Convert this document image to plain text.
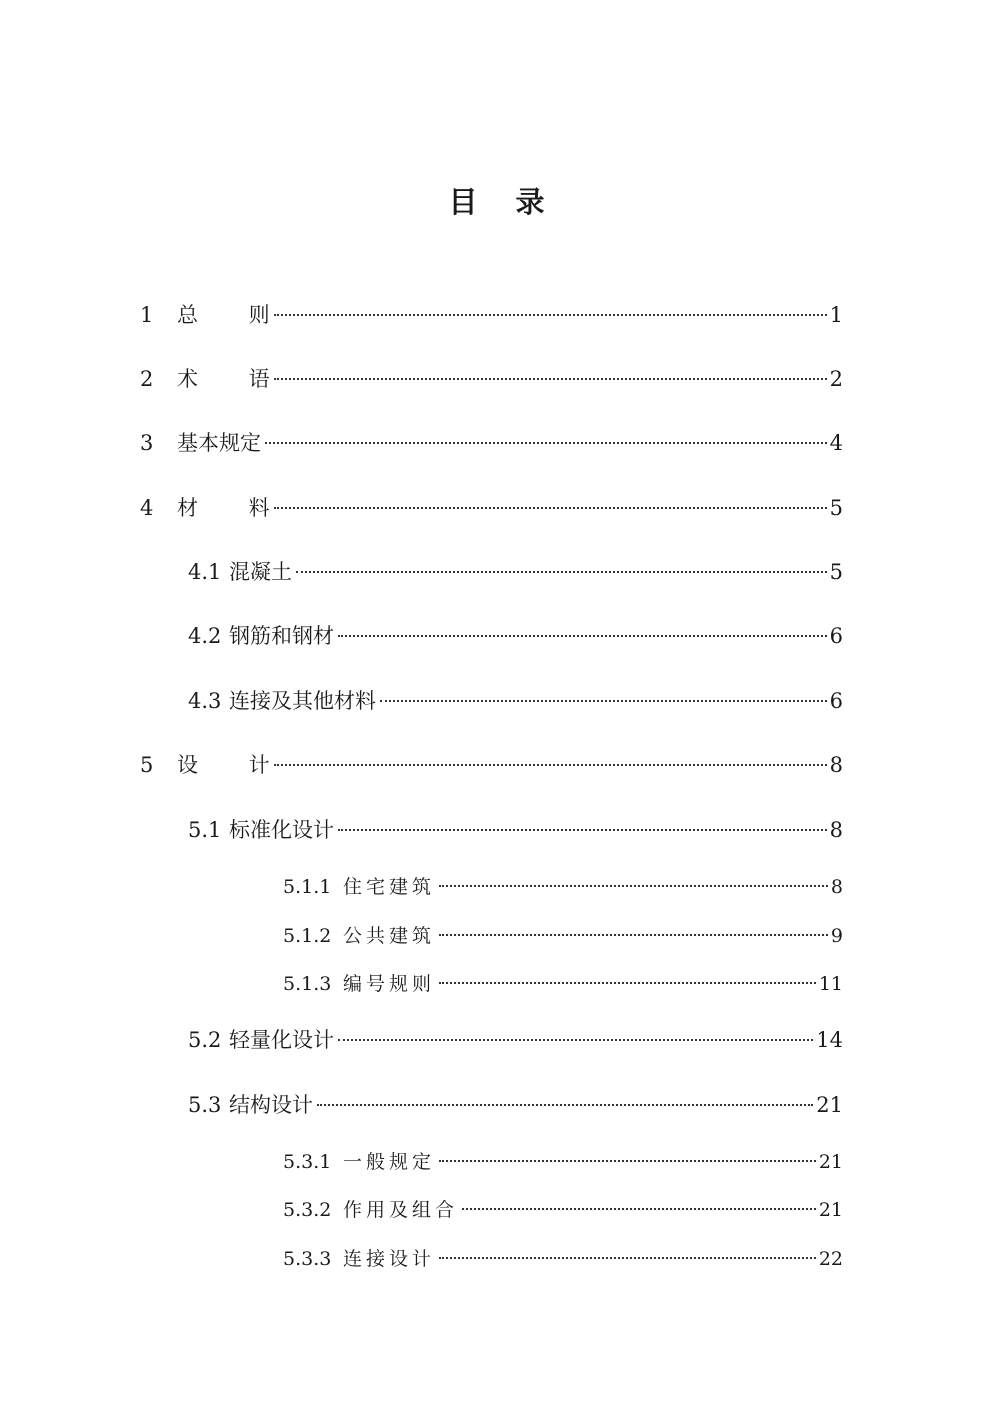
目 录
1	总 则	1
2	术 语	2
3	基本规定	4
4	材 料	5
4.1 混凝土	5
4.2 钢筋和钢材	6
4.3 连接及其他材料	6
5	设 计	8
5.1 标准化设计	8
5.1.1 住宅建筑	8
5.1.2 公共建筑	9
5.1.3 编号规则	11
5.2 轻量化设计	14
5.3 结构设计	21
5.3.1 一般规定	21
5.3.2 作用及组合	21
5.3.3 连接设计	22
